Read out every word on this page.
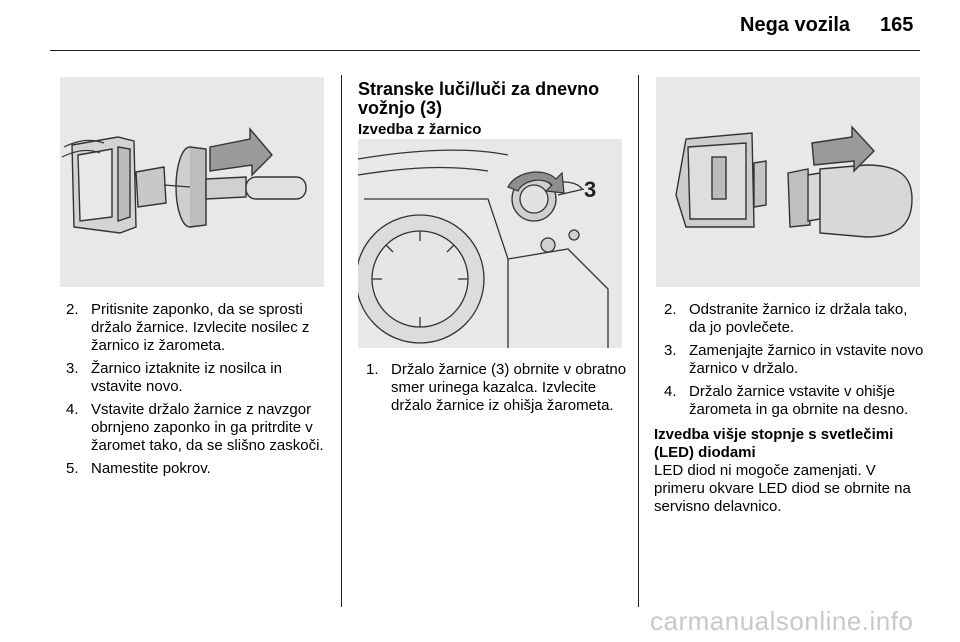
Nega vozila 165
2. Pritisnite zaponko, da se sprosti držalo žarnice. Izvlecite nosilec z žarnico iz žarometa.
3. Žarnico iztaknite iz nosilca in vstavite novo.
4. Vstavite držalo žarnice z navzgor obrnjeno zaponko in ga pritrdite v žaromet tako, da se slišno zaskoči.
5. Namestite pokrov.
Stranske luči/luči za dnevno vožnjo (3)
Izvedba z žarnico
3
1. Držalo žarnice (3) obrnite v obratno smer urinega kazalca. Izvlecite držalo žarnice iz ohišja žarometa.
2. Odstranite žarnico iz držala tako, da jo povlečete.
3. Zamenjajte žarnico in vstavite novo žarnico v držalo.
4. Držalo žarnice vstavite v ohišje žarometa in ga obrnite na desno.
Izvedba višje stopnje s svetlečimi (LED) diodami
LED diod ni mogoče zamenjati. V primeru okvare LED diod se obrnite na servisno delavnico.
carmanualsonline.info
